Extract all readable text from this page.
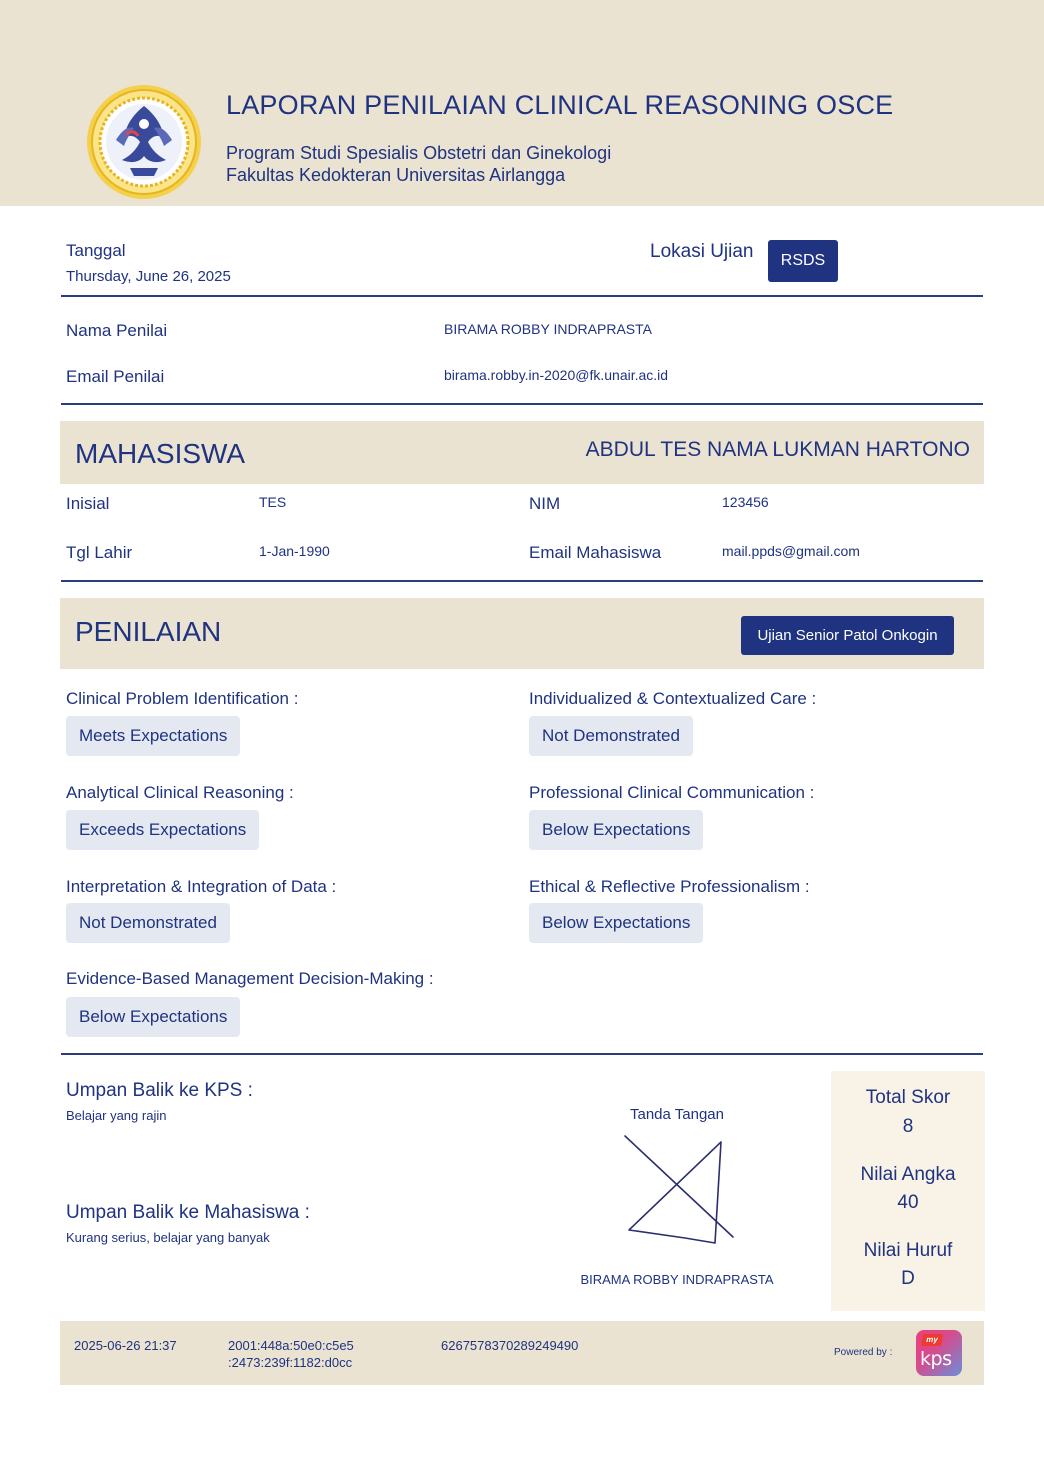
LAPORAN PENILAIAN CLINICAL REASONING OSCE
Program Studi Spesialis Obstetri dan Ginekologi
Fakultas Kedokteran Universitas Airlangga
Tanggal
Thursday, June 26, 2025
Lokasi Ujian	RSDS
Nama Penilai	BIRAMA ROBBY INDRAPRASTA
Email Penilai	birama.robby.in-2020@fk.unair.ac.id
MAHASISWA	ABDUL TES NAMA LUKMAN HARTONO
Inisial	TES	NIM	123456
Tgl Lahir	1-Jan-1990	Email Mahasiswa	mail.ppds@gmail.com
PENILAIAN	Ujian Senior Patol Onkogin
Clinical Problem Identification :
Meets Expectations
Individualized & Contextualized Care :
Not Demonstrated
Analytical Clinical Reasoning :
Exceeds Expectations
Professional Clinical Communication :
Below Expectations
Interpretation & Integration of Data :
Not Demonstrated
Ethical & Reflective Professionalism :
Below Expectations
Evidence-Based Management Decision-Making :
Below Expectations
Umpan Balik ke KPS :
Belajar yang rajin
Umpan Balik ke Mahasiswa :
Kurang serius, belajar yang banyak
Tanda Tangan
BIRAMA ROBBY INDRAPRASTA
Total Skor
8
Nilai Angka
40
Nilai Huruf
D
2025-06-26 21:37	2001:448a:50e0:c5e5
:2473:239f:1182:d0cc
6267578370289249490	Powered by :
my
kps
